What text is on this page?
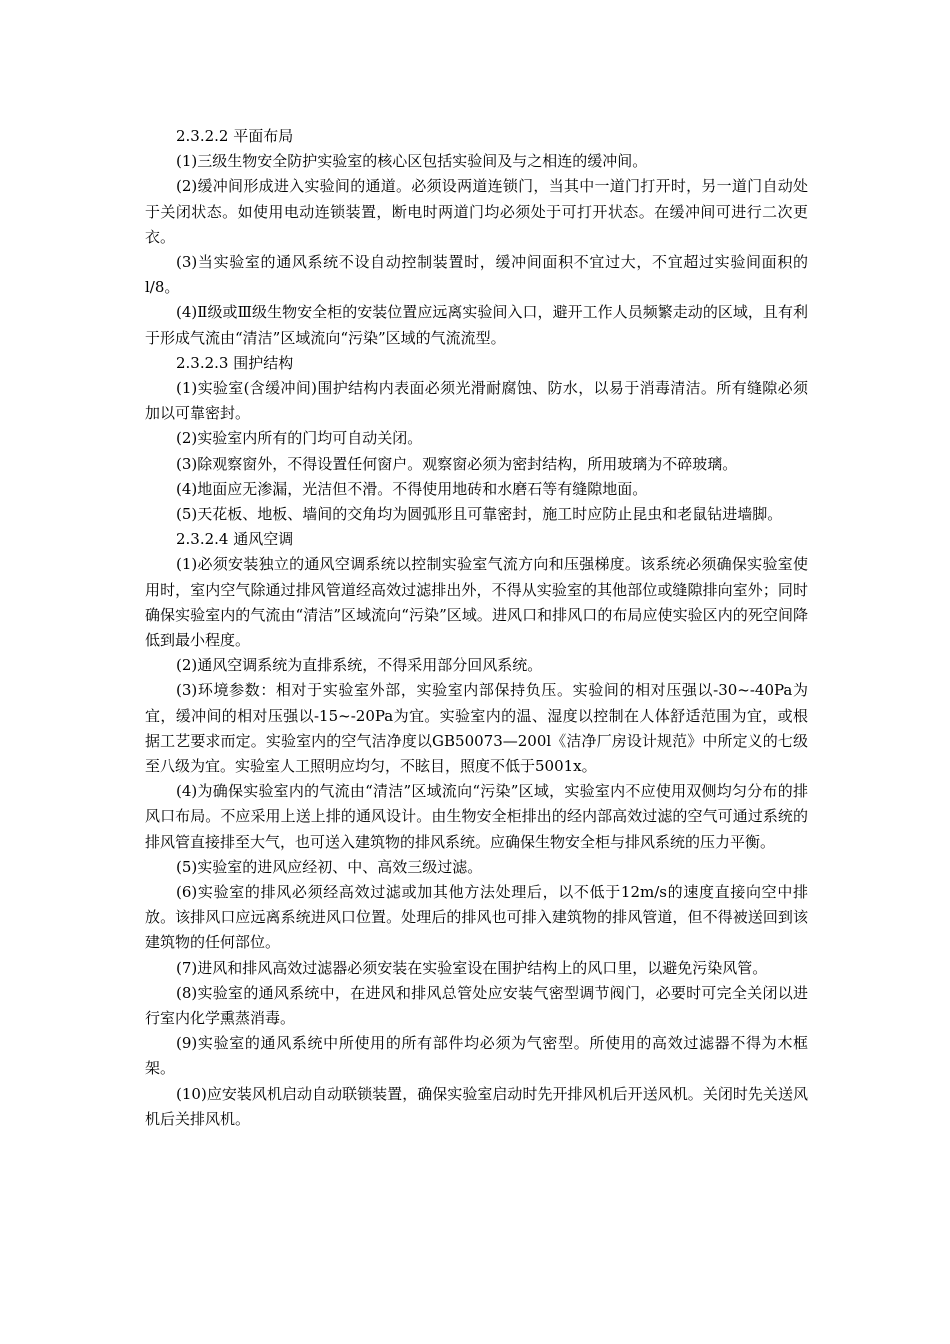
2.3.2.2 平面布局

(1)三级生物安全防护实验室的核心区包括实验间及与之相连的缓冲间。

(2)缓冲间形成进入实验间的通道。必须设两道连锁门，当其中一道门打开时，另一道门自动处于关闭状态。如使用电动连锁装置，断电时两道门均必须处于可打开状态。在缓冲间可进行二次更衣。

(3)当实验室的通风系统不设自动控制装置时，缓冲间面积不宜过大，不宜超过实验间面积的l/8。

(4)Ⅱ级或Ⅲ级生物安全柜的安装位置应远离实验间入口，避开工作人员频繁走动的区域，且有利于形成气流由“清洁”区域流向“污染”区域的气流流型。

2.3.2.3 围护结构

(1)实验室(含缓冲间)围护结构内表面必须光滑耐腐蚀、防水，以易于消毒清洁。所有缝隙必须加以可靠密封。

(2)实验室内所有的门均可自动关闭。

(3)除观察窗外，不得设置任何窗户。观察窗必须为密封结构，所用玻璃为不碎玻璃。

(4)地面应无渗漏，光洁但不滑。不得使用地砖和水磨石等有缝隙地面。

(5)天花板、地板、墙间的交角均为圆弧形且可靠密封，施工时应防止昆虫和老鼠钻进墙脚。

2.3.2.4 通风空调

(1)必须安装独立的通风空调系统以控制实验室气流方向和压强梯度。该系统必须确保实验室使用时，室内空气除通过排风管道经高效过滤排出外，不得从实验室的其他部位或缝隙排向室外；同时确保实验室内的气流由“清洁”区域流向“污染”区域。进风口和排风口的布局应使实验区内的死空间降低到最小程度。

(2)通风空调系统为直排系统，不得采用部分回风系统。

(3)环境参数：相对于实验室外部，实验室内部保持负压。实验间的相对压强以-30~-40Pa为宜，缓冲间的相对压强以-15~-20Pa为宜。实验室内的温、湿度以控制在人体舒适范围为宜，或根据工艺要求而定。实验室内的空气洁净度以GB50073—200l《洁净厂房设计规范》中所定义的七级至八级为宜。实验室人工照明应均匀，不眩目，照度不低于5001x。

(4)为确保实验室内的气流由“清洁”区域流向“污染”区域，实验室内不应使用双侧均匀分布的排风口布局。不应采用上送上排的通风设计。由生物安全柜排出的经内部高效过滤的空气可通过系统的排风管直接排至大气，也可送入建筑物的排风系统。应确保生物安全柜与排风系统的压力平衡。

(5)实验室的进风应经初、中、高效三级过滤。

(6)实验室的排风必须经高效过滤或加其他方法处理后，以不低于12m/s的速度直接向空中排放。该排风口应远离系统进风口位置。处理后的排风也可排入建筑物的排风管道，但不得被送回到该建筑物的任何部位。

(7)进风和排风高效过滤器必须安装在实验室设在围护结构上的风口里，以避免污染风管。

(8)实验室的通风系统中，在进风和排风总管处应安装气密型调节阀门，必要时可完全关闭以进行室内化学熏蒸消毒。

(9)实验室的通风系统中所使用的所有部件均必须为气密型。所使用的高效过滤器不得为木框架。

(10)应安装风机启动自动联锁装置，确保实验室启动时先开排风机后开送风机。关闭时先关送风机后关排风机。
